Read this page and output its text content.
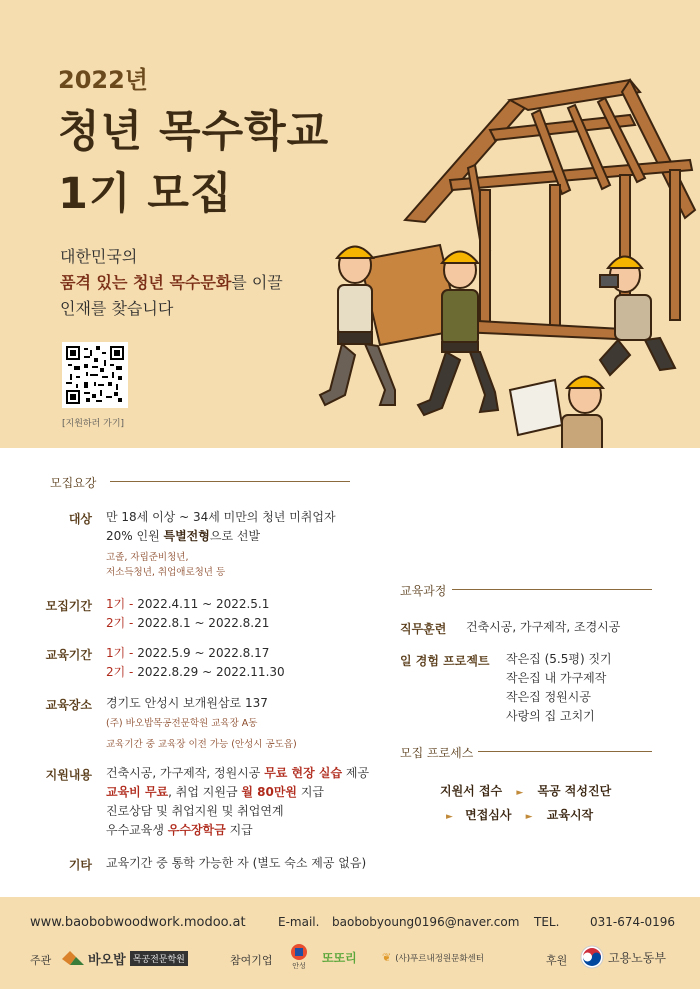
2022년
청년 목수학교
1기 모집
대한민국의
품격 있는 청년 목수문화를 이끌
인재를 찾습니다
[지원하러 가기]
모집요강
대상 만 18세 이상 ~ 34세 미만의 청년 미취업자
20% 인원 특별전형으로 선발
고졸, 자립준비청년,
저소득청년, 취업애로청년 등
모집기간 1기 - 2022.4.11 ~ 2022.5.1
2기 - 2022.8.1 ~ 2022.8.21
교육기간 1기 - 2022.5.9 ~ 2022.8.17
2기 - 2022.8.29 ~ 2022.11.30
교육장소 경기도 안성시 보개원삼로 137
(주) 바오밥목공전문학원 교육장 A동
교육기간 중 교육장 이전 가능 (안성시 공도읍)
지원내용 건축시공, 가구제작, 정원시공 무료 현장 실습 제공
교육비 무료, 취업 지원금 월 80만원 지급
진로상담 및 취업지원 및 취업연계
우수교육생 우수장학금 지급
기타 교육기간 중 통학 가능한 자 (별도 숙소 제공 없음)
교육과정
직무훈련 건축시공, 가구제작, 조경시공
일 경험 프로젝트 작은집 (5.5평) 짓기
작은집 내 가구제작
작은집 정원시공
사랑의 집 고치기
모집 프로세스
지원서 접수 ► 목공 적성진단
► 면접심사 ► 교육시작
www.baobobwoodwork.modoo.at	E-mail. baobobyoung0196@naver.com TEL.	031-674-0196
주관	바오밥 목공전문학원	참여기업	안성
또또리 ❦ (사)푸르내정원문화센터	후원	고용노동부
